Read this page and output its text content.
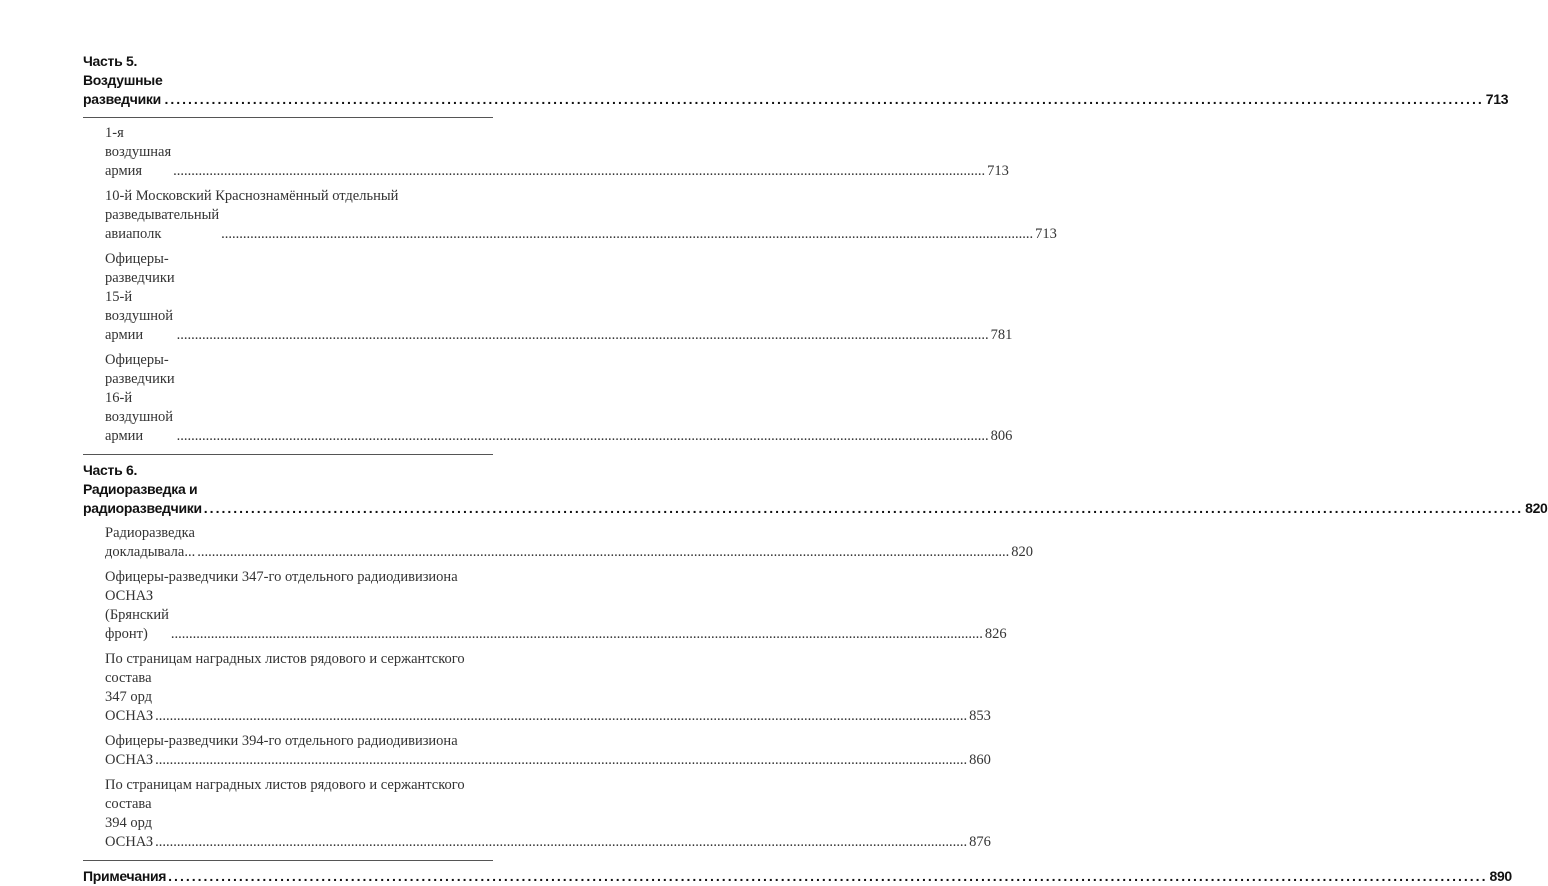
Часть 5. Воздушные разведчики .....	713
1-я воздушная армия .....	713
10-й Московский Краснознамённый отдельный
разведывательный авиаполк .....	713
Офицеры-разведчики 15-й воздушной армии .....	781
Офицеры-разведчики 16-й воздушной армии .....	806
Часть 6. Радиоразведка и радиоразведчики .....	820
Радиоразведка докладывала... .....	820
Офицеры-разведчики 347-го отдельного радиодивизиона
ОСНАЗ (Брянский фронт) .....	826
По страницам наградных листов рядового и сержантского
состава 347 орд ОСНАЗ .....	853
Офицеры-разведчики 394-го отдельного радиодивизиона
ОСНАЗ .....	860
По страницам наградных листов рядового и сержантского
состава 394 орд ОСНАЗ .....	876
Примечания .....	890
